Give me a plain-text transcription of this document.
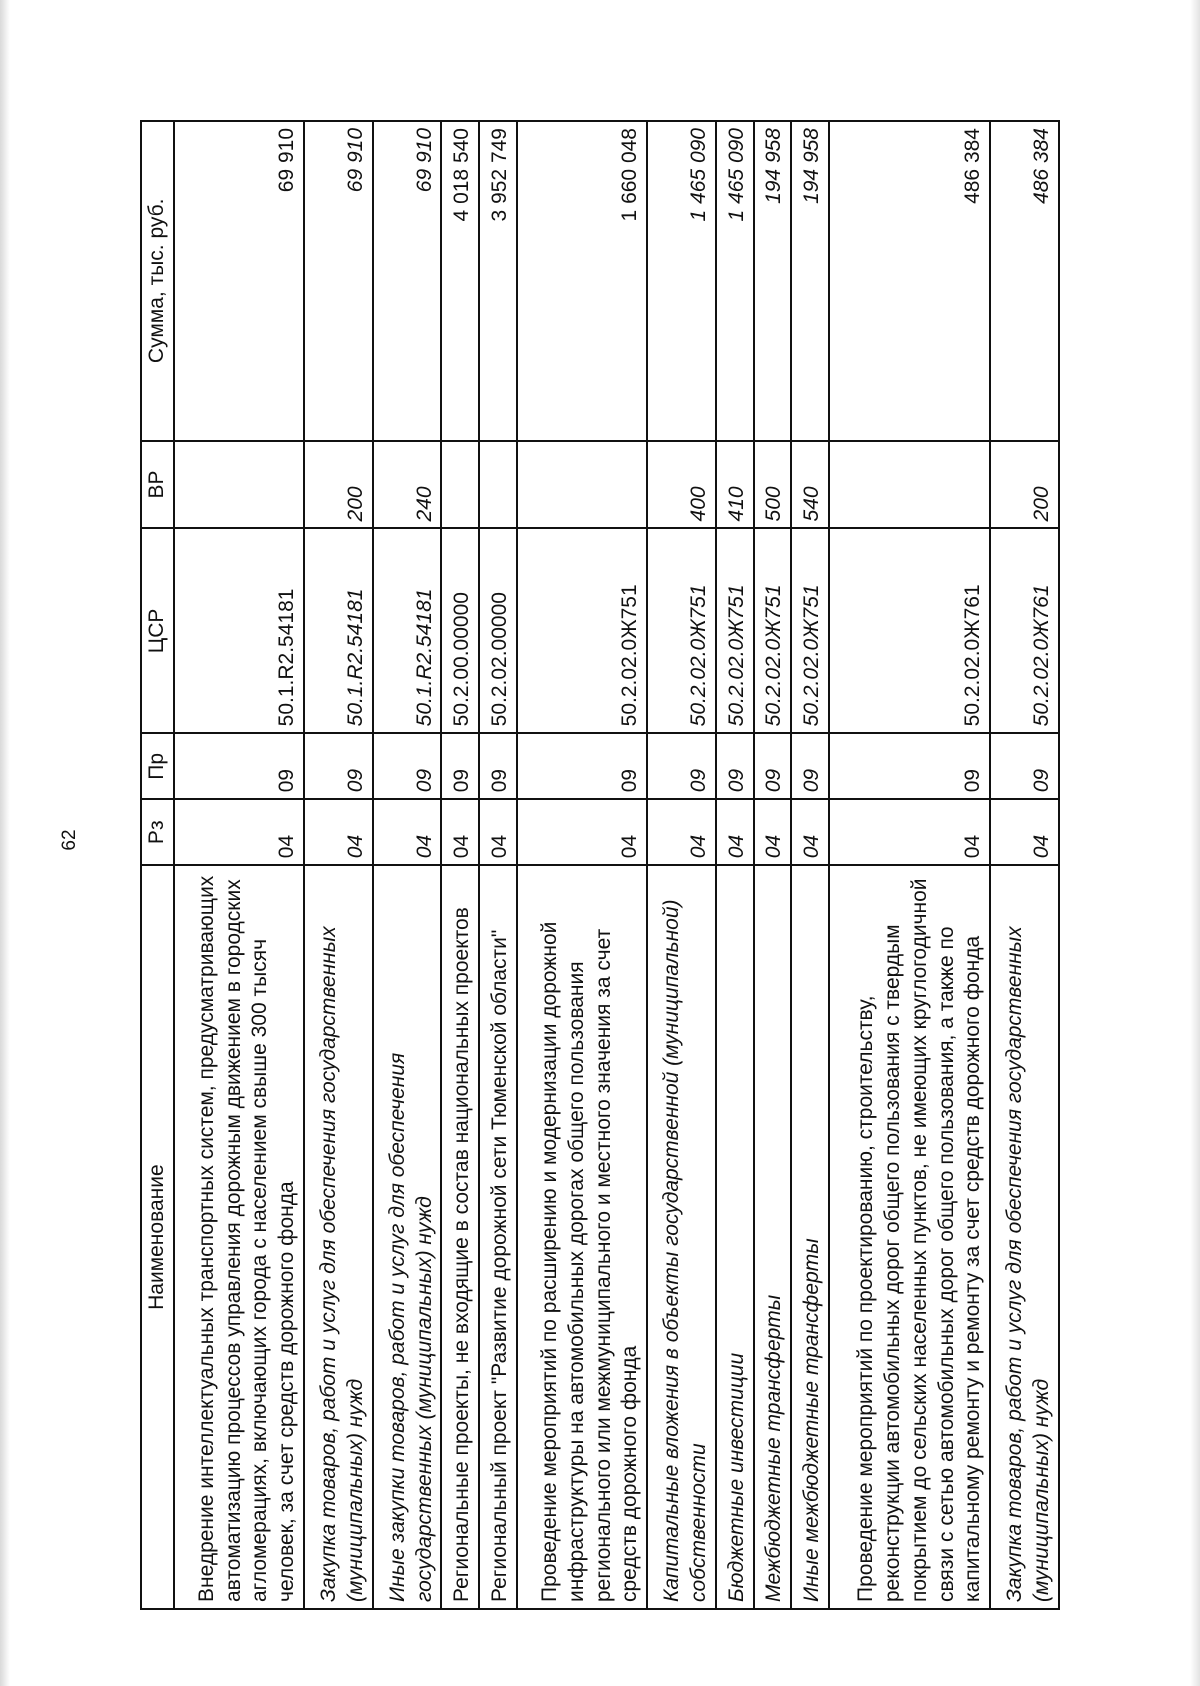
62
Наименование	Рз	Пр	ЦСР	ВР	Сумма, тыс. руб.
Внедрение интеллектуальных транспортных систем, предусматривающих автоматизацию процессов управления дорожным движением в городских агломерациях, включающих города с населением свыше 300 тысяч человек, за счет средств дорожного фонда	04	09	50.1.R2.54181		69 910
Закупка товаров, работ и услуг для обеспечения государственных (муниципальных) нужд	04	09	50.1.R2.54181	200	69 910
Иные закупки товаров, работ и услуг для обеспечения государственных (муниципальных) нужд	04	09	50.1.R2.54181	240	69 910
Региональные проекты, не входящие в состав национальных проектов	04	09	50.2.00.00000		4 018 540
Региональный проект "Развитие дорожной сети Тюменской области"	04	09	50.2.02.00000		3 952 749
Проведение мероприятий по расширению и модернизации дорожной инфраструктуры на автомобильных дорогах общего пользования регионального или межмуниципального и местного значения за счет средств дорожного фонда	04	09	50.2.02.0Ж751		1 660 048
Капитальные вложения в объекты государственной (муниципальной) собственности	04	09	50.2.02.0Ж751	400	1 465 090
Бюджетные инвестиции	04	09	50.2.02.0Ж751	410	1 465 090
Межбюджетные трансферты	04	09	50.2.02.0Ж751	500	194 958
Иные межбюджетные трансферты	04	09	50.2.02.0Ж751	540	194 958
Проведение мероприятий по проектированию, строительству, реконструкции автомобильных дорог общего пользования с твердым покрытием до сельских населенных пунктов, не имеющих круглогодичной связи с сетью автомобильных дорог общего пользования, а также по капитальному ремонту и ремонту за счет средств дорожного фонда	04	09	50.2.02.0Ж761		486 384
Закупка товаров, работ и услуг для обеспечения государственных (муниципальных) нужд	04	09	50.2.02.0Ж761	200	486 384
